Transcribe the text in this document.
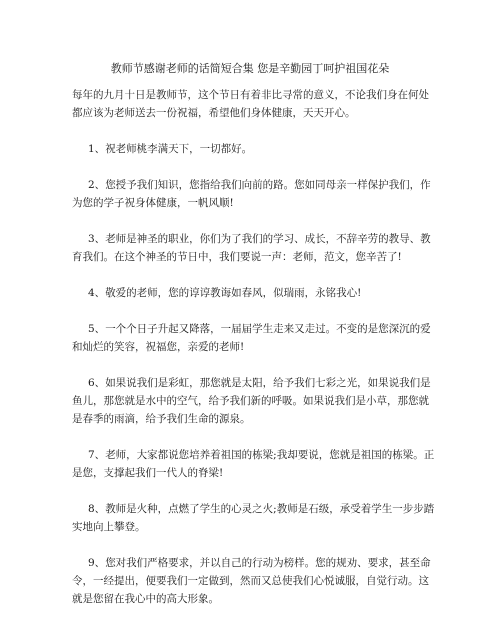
教师节感谢老师的话简短合集 您是辛勤园丁呵护祖国花朵

每年的九月十日是教师节，这个节日有着非比寻常的意义，不论我们身在何处都应该为老师送去一份祝福，希望他们身体健康，天天开心。

1、祝老师桃李满天下，一切都好。

2、您授予我们知识，您指给我们向前的路。您如同母亲一样保护我们，作为您的学子祝身体健康，一帆风顺!

3、老师是神圣的职业，你们为了我们的学习、成长，不辞辛劳的教导、教育我们。在这个神圣的节日中，我们要说一声：老师，范文，您辛苦了!

4、敬爱的老师，您的谆谆教诲如春风，似瑞雨，永铭我心!

5、一个个日子升起又降落，一届届学生走来又走过。不变的是您深沉的爱和灿烂的笑容，祝福您，亲爱的老师!

6、如果说我们是彩虹，那您就是太阳，给予我们七彩之光，如果说我们是鱼儿，那您就是水中的空气，给予我们新的呼吸。如果说我们是小草，那您就是春季的雨滴，给予我们生命的源泉。

7、老师，大家都说您培养着祖国的栋梁;我却要说，您就是祖国的栋梁。正是您，支撑起我们一代人的脊梁!

8、教师是火种，点燃了学生的心灵之火;教师是石级，承受着学生一步步踏实地向上攀登。

9、您对我们严格要求，并以自己的行动为榜样。您的规劝、要求，甚至命令，一经提出，便要我们一定做到，然而又总使我们心悦诚服，自觉行动。这就是您留在我心中的高大形象。
